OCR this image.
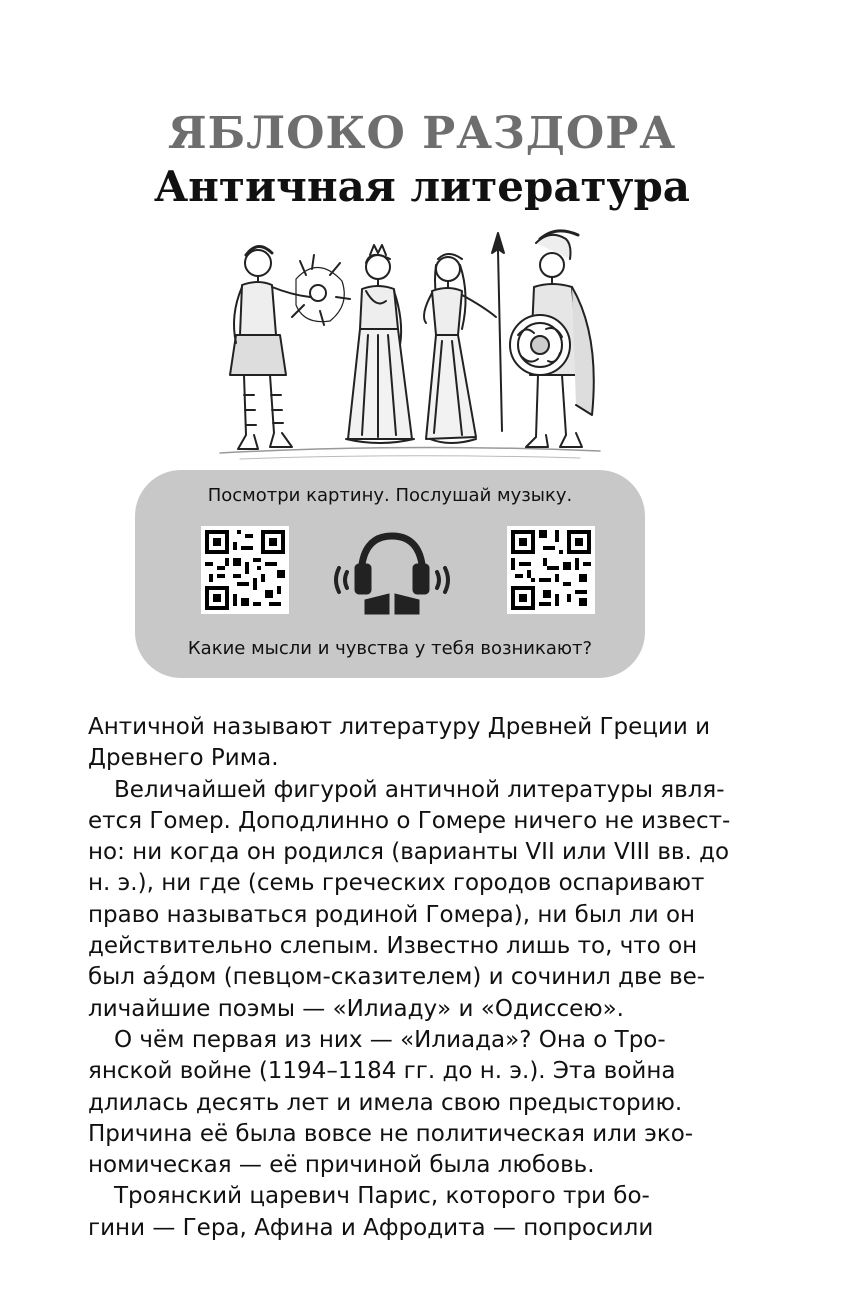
ЯБЛОКО РАЗДОРА
Античная литература
Посмотри картину. Послушай музыку.
Какие мысли и чувства у тебя возникают?
Античной называют литературу Древней Греции и
Древнего Рима.
Величайшей фигурой античной литературы явля-
ется Гомер. Доподлинно о Гомере ничего не извест-
но: ни когда он родился (варианты VII или VIII вв. до
н. э.), ни где (семь греческих городов оспаривают
право называться родиной Гомера), ни был ли он
действительно слепым. Известно лишь то, что он
был аэ́дом (певцом-сказителем) и сочинил две ве-
личайшие поэмы — «Илиаду» и «Одиссею».
О чём первая из них — «Илиада»? Она о Тро-
янской войне (1194–1184 гг. до н. э.). Эта война
длилась десять лет и имела свою предысторию.
Причина её была вовсе не политическая или эко-
номическая — её причиной была любовь.
Троянский царевич Парис, которого три бо-
гини — Гера, Афина и Афродита — попросили
